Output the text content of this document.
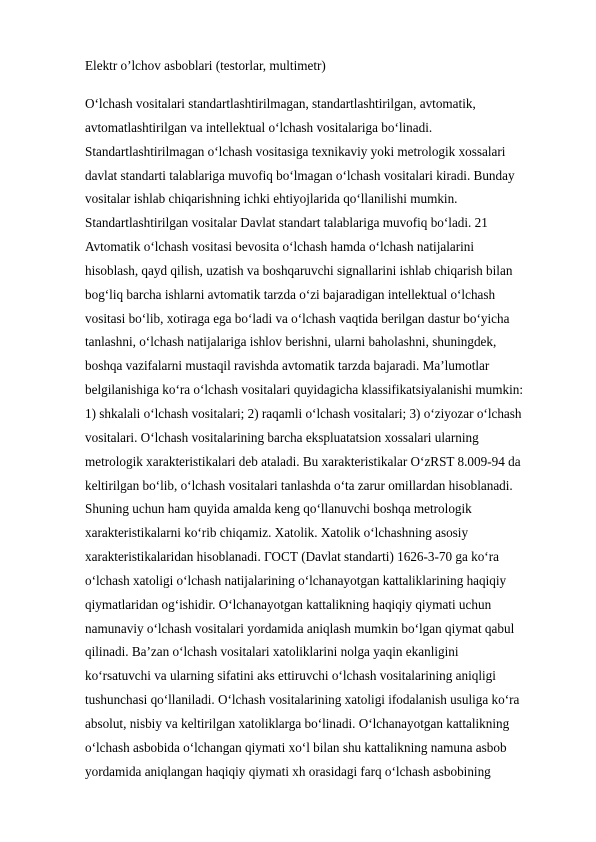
Elektr o’lchov asboblari (testorlar, multimetr)
O‘lchash vositalari standartlashtirilmagan, standartlashtirilgan, avtomatik,
avtomatlashtirilgan va intellektual o‘lchash vositalariga bo‘linadi.
Standartlashtirilmagan o‘lchash vositasiga texnikaviy yoki metrologik xossalari
davlat standarti talablariga muvofiq bo‘lmagan o‘lchash vositalari kiradi. Bunday
vositalar ishlab chiqarishning ichki ehtiyojlarida qo‘llanilishi mumkin.
Standartlashtirilgan vositalar Davlat standart talablariga muvofiq bo‘ladi. 21
Avtomatik o‘lchash vositasi bevosita o‘lchash hamda o‘lchash natijalarini
hisoblash, qayd qilish, uzatish va boshqaruvchi signallarini ishlab chiqarish bilan
bog‘liq barcha ishlarni avtomatik tarzda o‘zi bajaradigan intellektual o‘lchash
vositasi bo‘lib, xotiraga ega bo‘ladi va o‘lchash vaqtida berilgan dastur bo‘yicha
tanlashni, o‘lchash natijalariga ishlov berishni, ularni baholashni, shuningdek,
boshqa vazifalarni mustaqil ravishda avtomatik tarzda bajaradi. Ma’lumotlar
belgilanishiga ko‘ra o‘lchash vositalari quyidagicha klassifikatsiyalanishi mumkin:
1) shkalali o‘lchash vositalari; 2) raqamli o‘lchash vositalari; 3) o‘ziyozar o‘lchash
vositalari. O‘lchash vositalarining barcha ekspluatatsion xossalari ularning
metrologik xarakteristikalari deb ataladi. Bu xarakteristikalar O‘zRST 8.009-94 da
keltirilgan bo‘lib, o‘lchash vositalari tanlashda o‘ta zarur omillardan hisoblanadi.
Shuning uchun ham quyida amalda keng qo‘llanuvchi boshqa metrologik
xarakteristikalarni ko‘rib chiqamiz. Xatolik. Xatolik o‘lchashning asosiy
xarakteristikalaridan hisoblanadi. ГОСТ (Davlat standarti) 1626-3-70 ga ko‘ra
o‘lchash xatoligi o‘lchash natijalarining o‘lchanayotgan kattaliklarining haqiqiy
qiymatlaridan og‘ishidir. O‘lchanayotgan kattalikning haqiqiy qiymati uchun
namunaviy o‘lchash vositalari yordamida aniqlash mumkin bo‘lgan qiymat qabul
qilinadi. Ba’zan o‘lchash vositalari xatoliklarini nolga yaqin ekanligini
ko‘rsatuvchi va ularning sifatini aks ettiruvchi o‘lchash vositalarining aniqligi
tushunchasi qo‘llaniladi. O‘lchash vositalarining xatoligi ifodalanish usuliga ko‘ra
absolut, nisbiy va keltirilgan xatoliklarga bo‘linadi. O‘lchanayotgan kattalikning
o‘lchash asbobida o‘lchangan qiymati xo‘l bilan shu kattalikning namuna asbob
yordamida aniqlangan haqiqiy qiymati xh orasidagi farq o‘lchash asbobining
